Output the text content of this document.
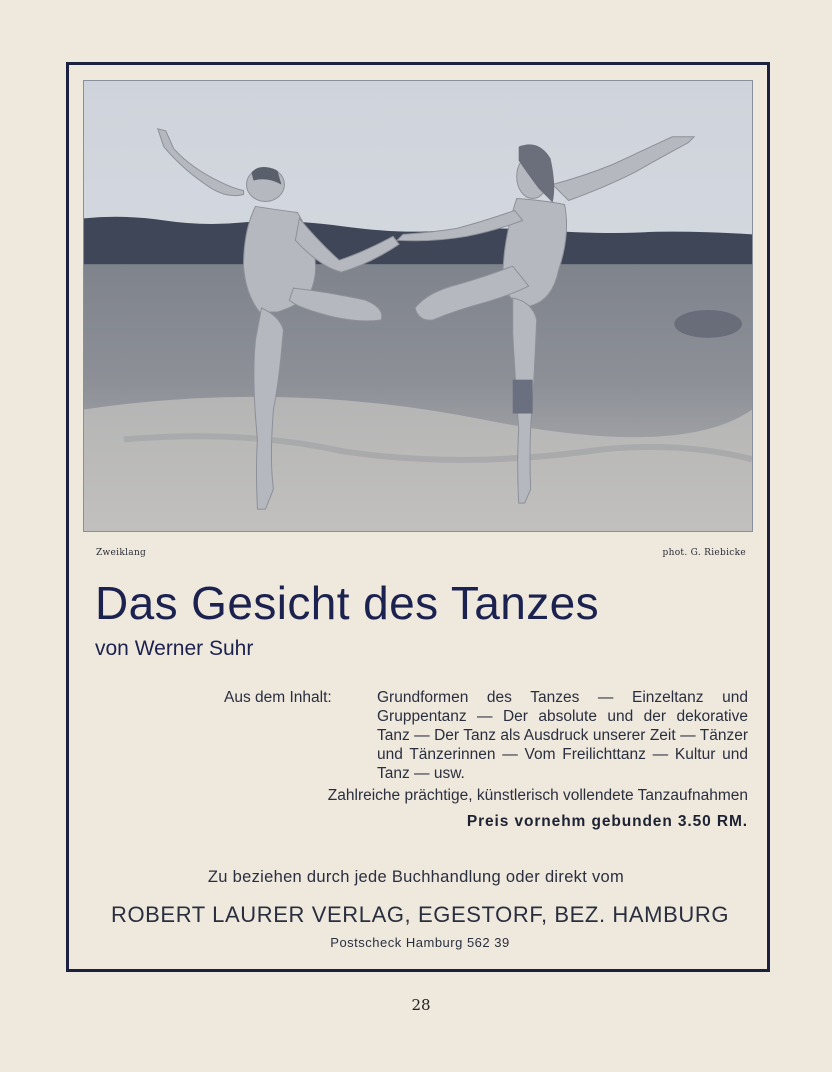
Zweiklang	phot. G. Riebicke
Das Gesicht des Tanzes
von Werner Suhr
Aus dem Inhalt:	Grundformen des Tanzes — Einzeltanz und Gruppentanz — Der absolute und der dekorative Tanz — Der Tanz als Ausdruck unserer Zeit — Tänzer und Tänzerinnen — Vom Freilichttanz — Kultur und Tanz — usw.
Zahlreiche prächtige, künstlerisch vollendete Tanzaufnahmen
Preis vornehm gebunden 3.50 RM.
Zu beziehen durch jede Buchhandlung oder direkt vom
ROBERT LAURER VERLAG, EGESTORF, BEZ. HAMBURG
Postscheck Hamburg 562 39
28
